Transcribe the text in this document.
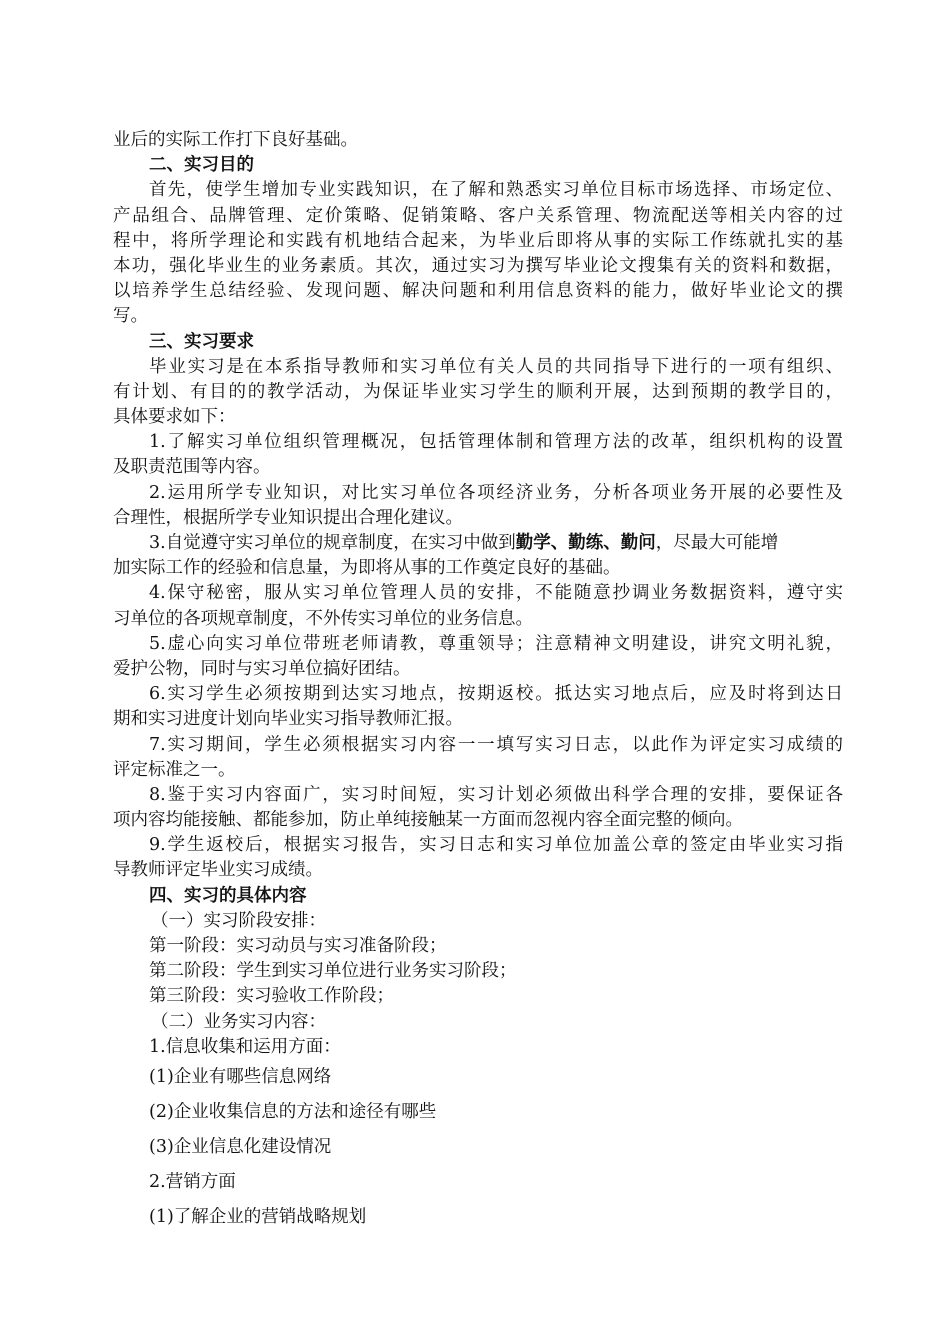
业后的实际工作打下良好基础。
二、实习目的
首先，使学生增加专业实践知识，在了解和熟悉实习单位目标市场选择、市场定位、
产品组合、品牌管理、定价策略、促销策略、客户关系管理、物流配送等相关内容的过
程中，将所学理论和实践有机地结合起来，为毕业后即将从事的实际工作练就扎实的基
本功，强化毕业生的业务素质。其次，通过实习为撰写毕业论文搜集有关的资料和数据，
以培养学生总结经验、发现问题、解决问题和利用信息资料的能力，做好毕业论文的撰
写。
三、实习要求
毕业实习是在本系指导教师和实习单位有关人员的共同指导下进行的一项有组织、
有计划、有目的的教学活动，为保证毕业实习学生的顺利开展，达到预期的教学目的，
具体要求如下：
1.了解实习单位组织管理概况，包括管理体制和管理方法的改革，组织机构的设置
及职责范围等内容。
2.运用所学专业知识，对比实习单位各项经济业务，分析各项业务开展的必要性及
合理性，根据所学专业知识提出合理化建议。
3.自觉遵守实习单位的规章制度，在实习中做到勤学、勤练、勤问，尽最大可能增
加实际工作的经验和信息量，为即将从事的工作奠定良好的基础。
4.保守秘密，服从实习单位管理人员的安排，不能随意抄调业务数据资料，遵守实
习单位的各项规章制度，不外传实习单位的业务信息。
5.虚心向实习单位带班老师请教，尊重领导；注意精神文明建设，讲究文明礼貌，
爱护公物，同时与实习单位搞好团结。
6.实习学生必须按期到达实习地点，按期返校。抵达实习地点后，应及时将到达日
期和实习进度计划向毕业实习指导教师汇报。
7.实习期间，学生必须根据实习内容一一填写实习日志，以此作为评定实习成绩的
评定标准之一。
8.鉴于实习内容面广，实习时间短，实习计划必须做出科学合理的安排，要保证各
项内容均能接触、都能参加，防止单纯接触某一方面而忽视内容全面完整的倾向。
9.学生返校后，根据实习报告，实习日志和实习单位加盖公章的签定由毕业实习指
导教师评定毕业实习成绩。
四、实习的具体内容
（一）实习阶段安排：
第一阶段：实习动员与实习准备阶段；
第二阶段：学生到实习单位进行业务实习阶段；
第三阶段：实习验收工作阶段；
（二）业务实习内容：
1.信息收集和运用方面：
(1)企业有哪些信息网络
(2)企业收集信息的方法和途径有哪些
(3)企业信息化建设情况
2.营销方面
(1)了解企业的营销战略规划
